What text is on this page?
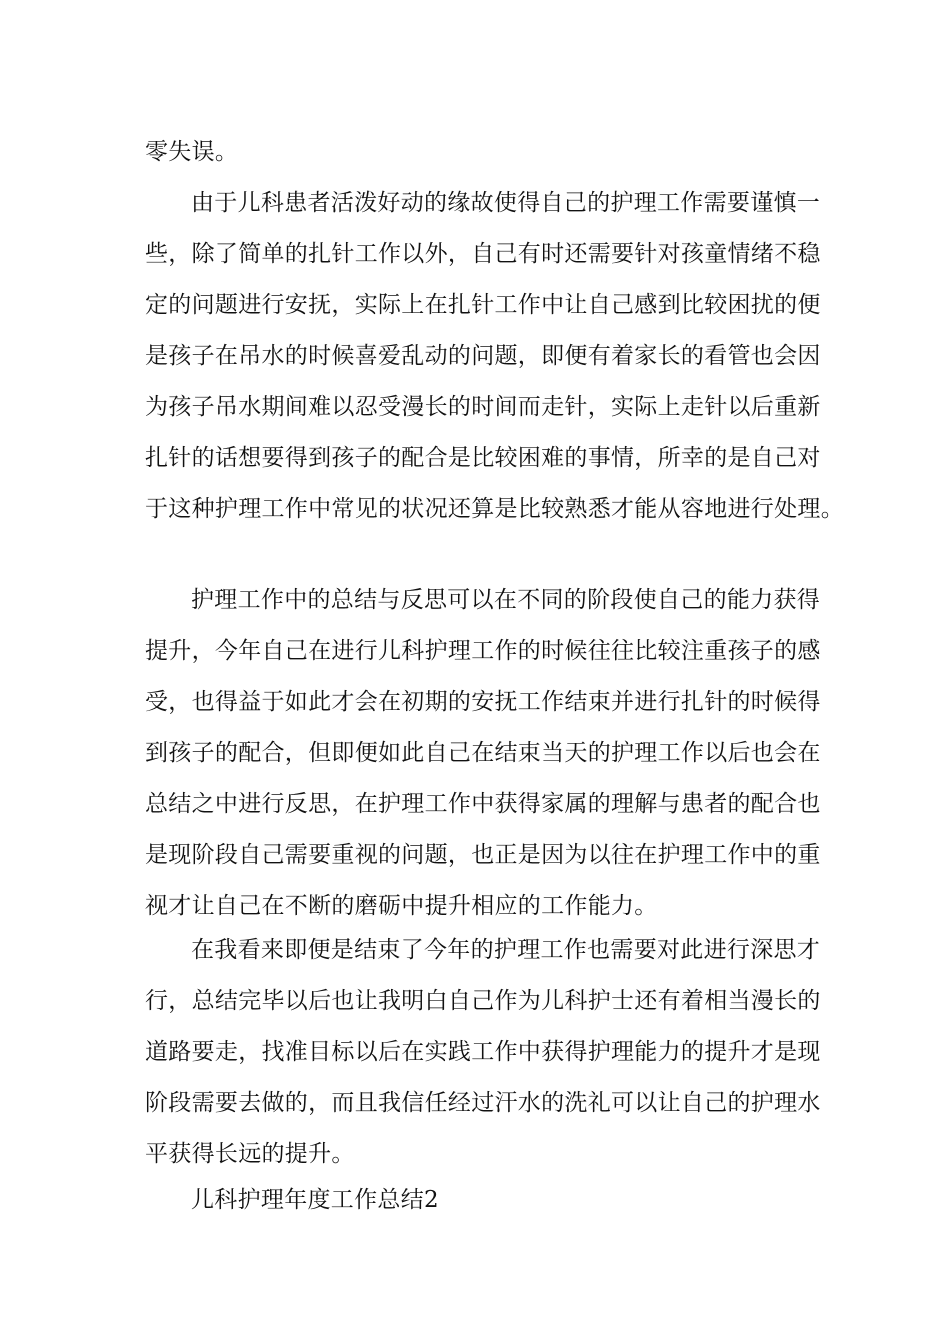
零失误。
由于儿科患者活泼好动的缘故使得自己的护理工作需要谨慎一
些，除了简单的扎针工作以外，自己有时还需要针对孩童情绪不稳
定的问题进行安抚，实际上在扎针工作中让自己感到比较困扰的便
是孩子在吊水的时候喜爱乱动的问题，即便有着家长的看管也会因
为孩子吊水期间难以忍受漫长的时间而走针，实际上走针以后重新
扎针的话想要得到孩子的配合是比较困难的事情，所幸的是自己对
于这种护理工作中常见的状况还算是比较熟悉才能从容地进行处理。
护理工作中的总结与反思可以在不同的阶段使自己的能力获得
提升，今年自己在进行儿科护理工作的时候往往比较注重孩子的感
受，也得益于如此才会在初期的安抚工作结束并进行扎针的时候得
到孩子的配合，但即便如此自己在结束当天的护理工作以后也会在
总结之中进行反思，在护理工作中获得家属的理解与患者的配合也
是现阶段自己需要重视的问题，也正是因为以往在护理工作中的重
视才让自己在不断的磨砺中提升相应的工作能力。
在我看来即便是结束了今年的护理工作也需要对此进行深思才
行，总结完毕以后也让我明白自己作为儿科护士还有着相当漫长的
道路要走，找准目标以后在实践工作中获得护理能力的提升才是现
阶段需要去做的，而且我信任经过汗水的洗礼可以让自己的护理水
平获得长远的提升。
儿科护理年度工作总结2
